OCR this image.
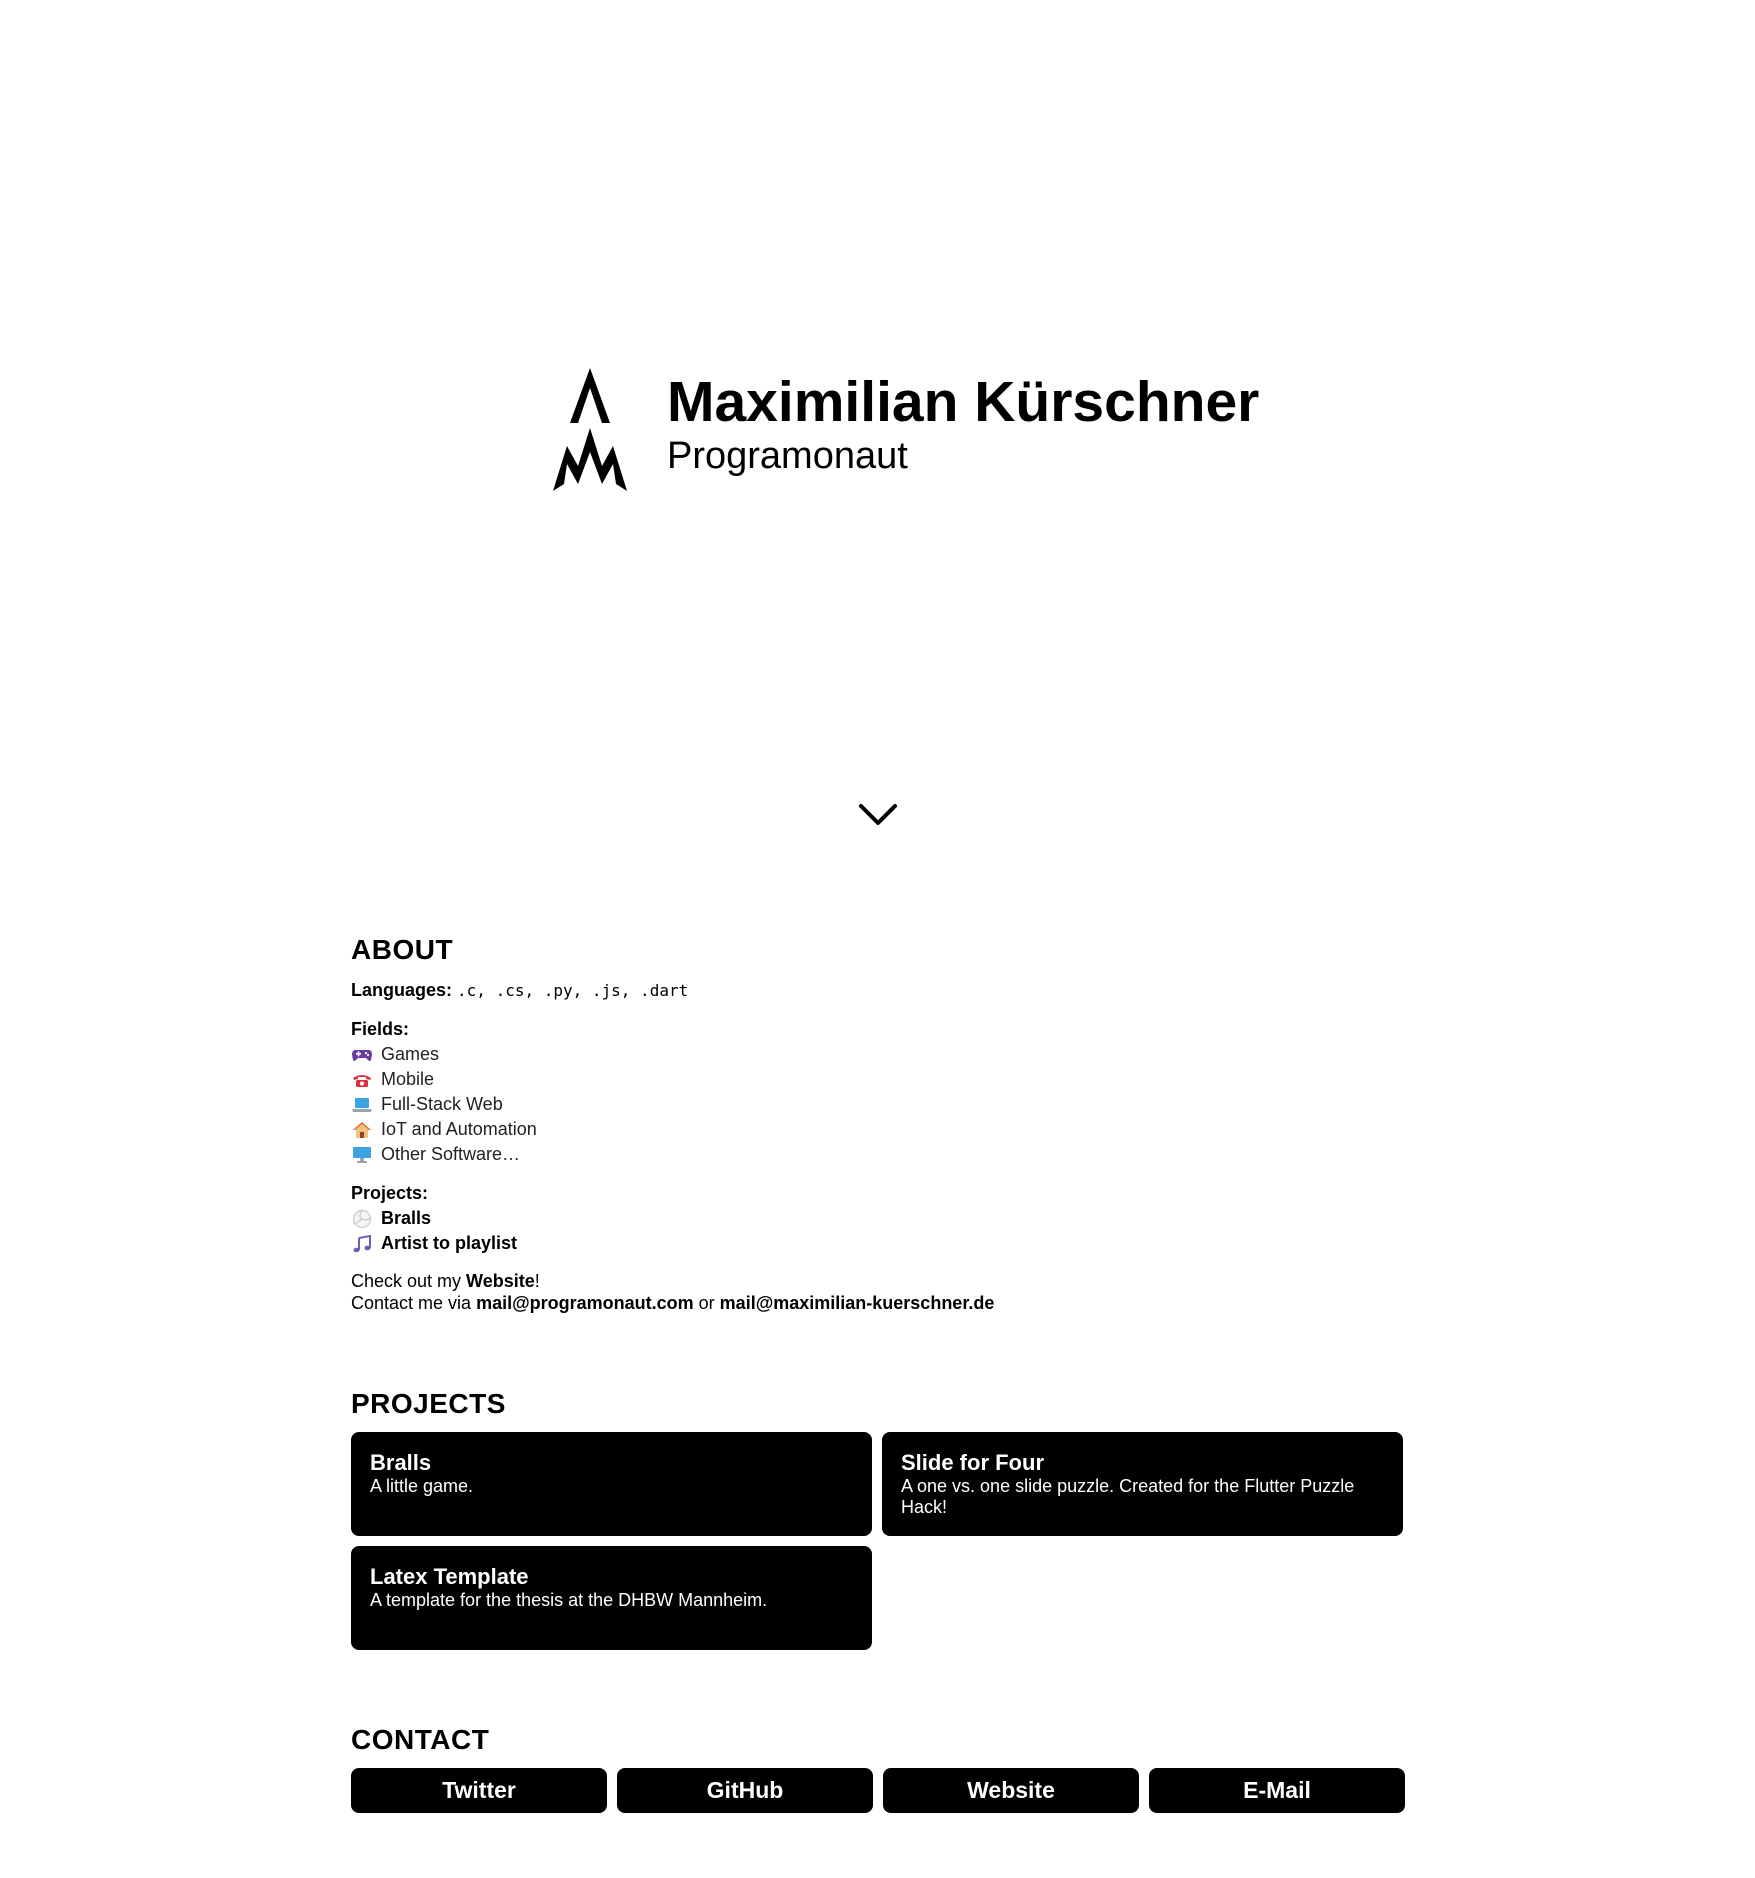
Maximilian Kürschner

Programonaut

ABOUT

Languages: .c, .cs, .py, .js, .dart

Fields:

Games
Mobile
Full-Stack Web
IoT and Automation
Other Software…

Projects:

Bralls
Artist to playlist

Check out my Website!

Contact me via mail@programonaut.com or mail@maximilian-kuerschner.de

PROJECTS

Bralls

A little game.

Slide for Four

A one vs. one slide puzzle. Created for the Flutter Puzzle Hack!

Latex Template

A template for the thesis at the DHBW Mannheim.

CONTACT
Twitter	GitHub	Website	E-Mail
